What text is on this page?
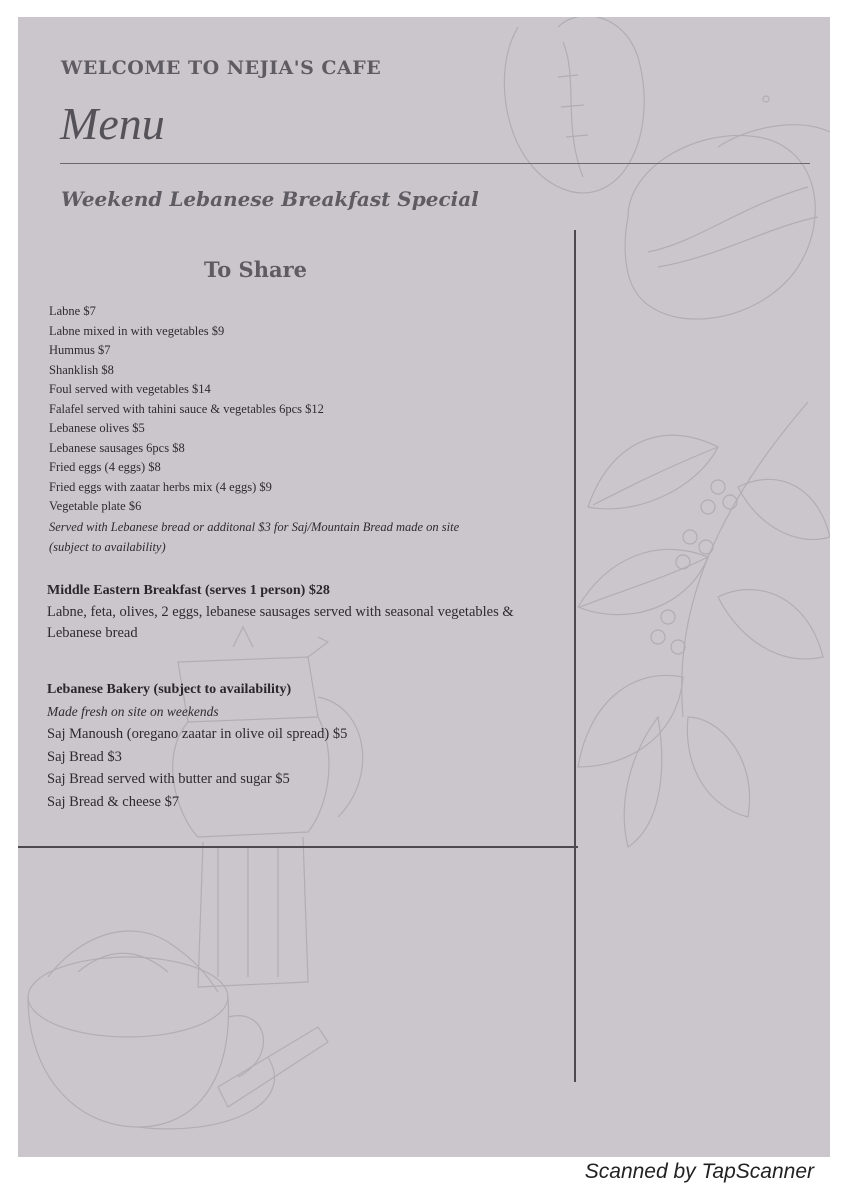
WELCOME TO NEJIA'S CAFE
Menu
Weekend Lebanese Breakfast Special
To Share
Labne $7
Labne mixed in with vegetables $9
Hummus $7
Shanklish $8
Foul served with vegetables $14
Falafel served with tahini sauce & vegetables 6pcs $12
Lebanese olives $5
Lebanese sausages 6pcs $8
Fried eggs (4 eggs) $8
Fried eggs with zaatar herbs mix (4 eggs) $9
Vegetable plate $6
Served with Lebanese bread or additonal $3 for Saj/Mountain Bread made on site
(subject to availability)
Middle Eastern Breakfast (serves 1 person) $28
Labne, feta, olives, 2 eggs, lebanese sausages served with seasonal vegetables & Lebanese bread
Lebanese Bakery (subject to availability)
Made fresh on site on weekends
Saj Manoush (oregano zaatar in olive oil spread) $5
Saj Bread $3
Saj Bread served with butter and sugar $5
Saj Bread & cheese $7
Scanned by TapScanner
